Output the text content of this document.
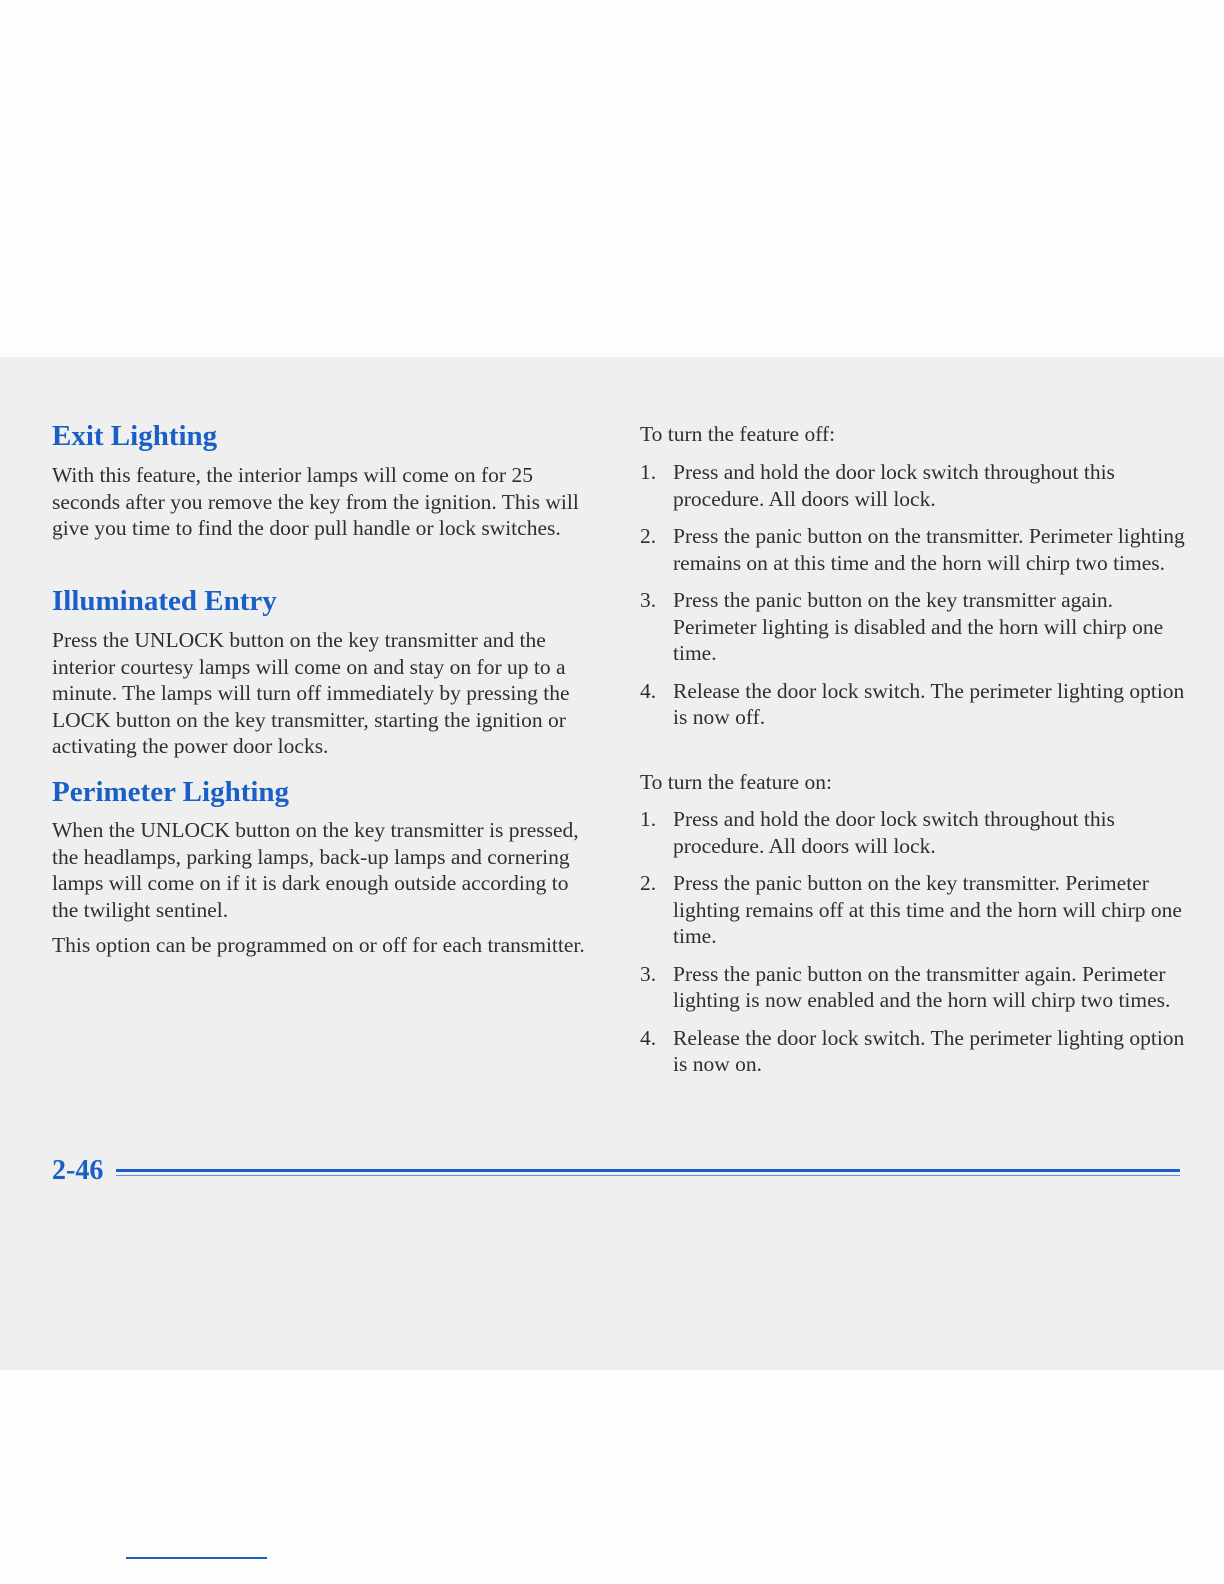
Exit Lighting

With this feature, the interior lamps will come on for 25 seconds after you remove the key from the ignition. This will give you time to find the door pull handle or lock switches.

Illuminated Entry

Press the UNLOCK button on the key transmitter and the interior courtesy lamps will come on and stay on for up to a minute. The lamps will turn off immediately by pressing the LOCK button on the key transmitter, starting the ignition or activating the power door locks.

Perimeter Lighting

When the UNLOCK button on the key transmitter is pressed, the headlamps, parking lamps, back-up lamps and cornering lamps will come on if it is dark enough outside according to the twilight sentinel.

This option can be programmed on or off for each transmitter.

To turn the feature off:

1. Press and hold the door lock switch throughout this procedure. All doors will lock.
2. Press the panic button on the transmitter. Perimeter lighting remains on at this time and the horn will chirp two times.
3. Press the panic button on the key transmitter again. Perimeter lighting is disabled and the horn will chirp one time.
4. Release the door lock switch. The perimeter lighting option is now off.

To turn the feature on:

1. Press and hold the door lock switch throughout this procedure. All doors will lock.
2. Press the panic button on the key transmitter. Perimeter lighting remains off at this time and the horn will chirp one time.
3. Press the panic button on the transmitter again. Perimeter lighting is now enabled and the horn will chirp two times.
4. Release the door lock switch. The perimeter lighting option is now on.
2-46
